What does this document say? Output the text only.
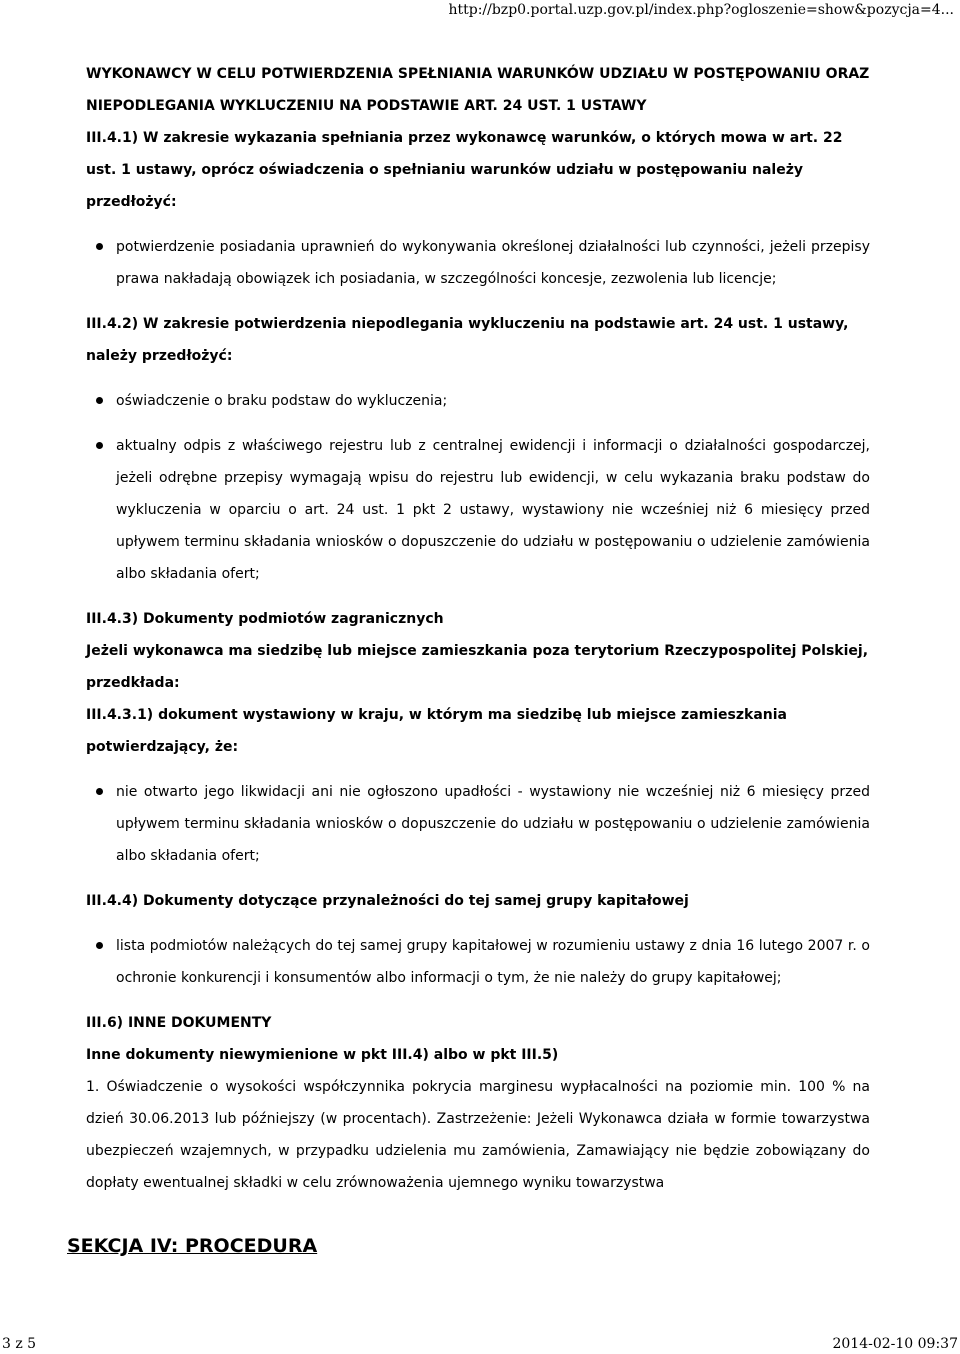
http://bzp0.portal.uzp.gov.pl/index.php?ogloszenie=show&pozycja=4...

WYKONAWCY W CELU POTWIERDZENIA SPEŁNIANIA WARUNKÓW UDZIAŁU W POSTĘPOWANIU ORAZ NIEPODLEGANIA WYKLUCZENIU NA PODSTAWIE ART. 24 UST. 1 USTAWY

III.4.1) W zakresie wykazania spełniania przez wykonawcę warunków, o których mowa w art. 22 ust. 1 ustawy, oprócz oświadczenia o spełnianiu warunków udziału w postępowaniu należy przedłożyć:

potwierdzenie posiadania uprawnień do wykonywania określonej działalności lub czynności, jeżeli przepisy prawa nakładają obowiązek ich posiadania, w szczególności koncesje, zezwolenia lub licencje;

III.4.2) W zakresie potwierdzenia niepodlegania wykluczeniu na podstawie art. 24 ust. 1 ustawy, należy przedłożyć:

oświadczenie o braku podstaw do wykluczenia;
aktualny odpis z właściwego rejestru lub z centralnej ewidencji i informacji o działalności gospodarczej, jeżeli odrębne przepisy wymagają wpisu do rejestru lub ewidencji, w celu wykazania braku podstaw do wykluczenia w oparciu o art. 24 ust. 1 pkt 2 ustawy, wystawiony nie wcześniej niż 6 miesięcy przed upływem terminu składania wniosków o dopuszczenie do udziału w postępowaniu o udzielenie zamówienia albo składania ofert;

III.4.3) Dokumenty podmiotów zagranicznych

Jeżeli wykonawca ma siedzibę lub miejsce zamieszkania poza terytorium Rzeczypospolitej Polskiej, przedkłada:

III.4.3.1) dokument wystawiony w kraju, w którym ma siedzibę lub miejsce zamieszkania potwierdzający, że:

nie otwarto jego likwidacji ani nie ogłoszono upadłości - wystawiony nie wcześniej niż 6 miesięcy przed upływem terminu składania wniosków o dopuszczenie do udziału w postępowaniu o udzielenie zamówienia albo składania ofert;

III.4.4) Dokumenty dotyczące przynależności do tej samej grupy kapitałowej

lista podmiotów należących do tej samej grupy kapitałowej w rozumieniu ustawy z dnia 16 lutego 2007 r. o ochronie konkurencji i konsumentów albo informacji o tym, że nie należy do grupy kapitałowej;

III.6) INNE DOKUMENTY

Inne dokumenty niewymienione w pkt III.4) albo w pkt III.5)

1. Oświadczenie o wysokości współczynnika pokrycia marginesu wypłacalności na poziomie min. 100 % na dzień 30.06.2013 lub późniejszy (w procentach). Zastrzeżenie: Jeżeli Wykonawca działa w formie towarzystwa ubezpieczeń wzajemnych, w przypadku udzielenia mu zamówienia, Zamawiający nie będzie zobowiązany do dopłaty ewentualnej składki w celu zrównoważenia ujemnego wyniku towarzystwa

SEKCJA IV: PROCEDURA
3 z 5	2014-02-10 09:37
